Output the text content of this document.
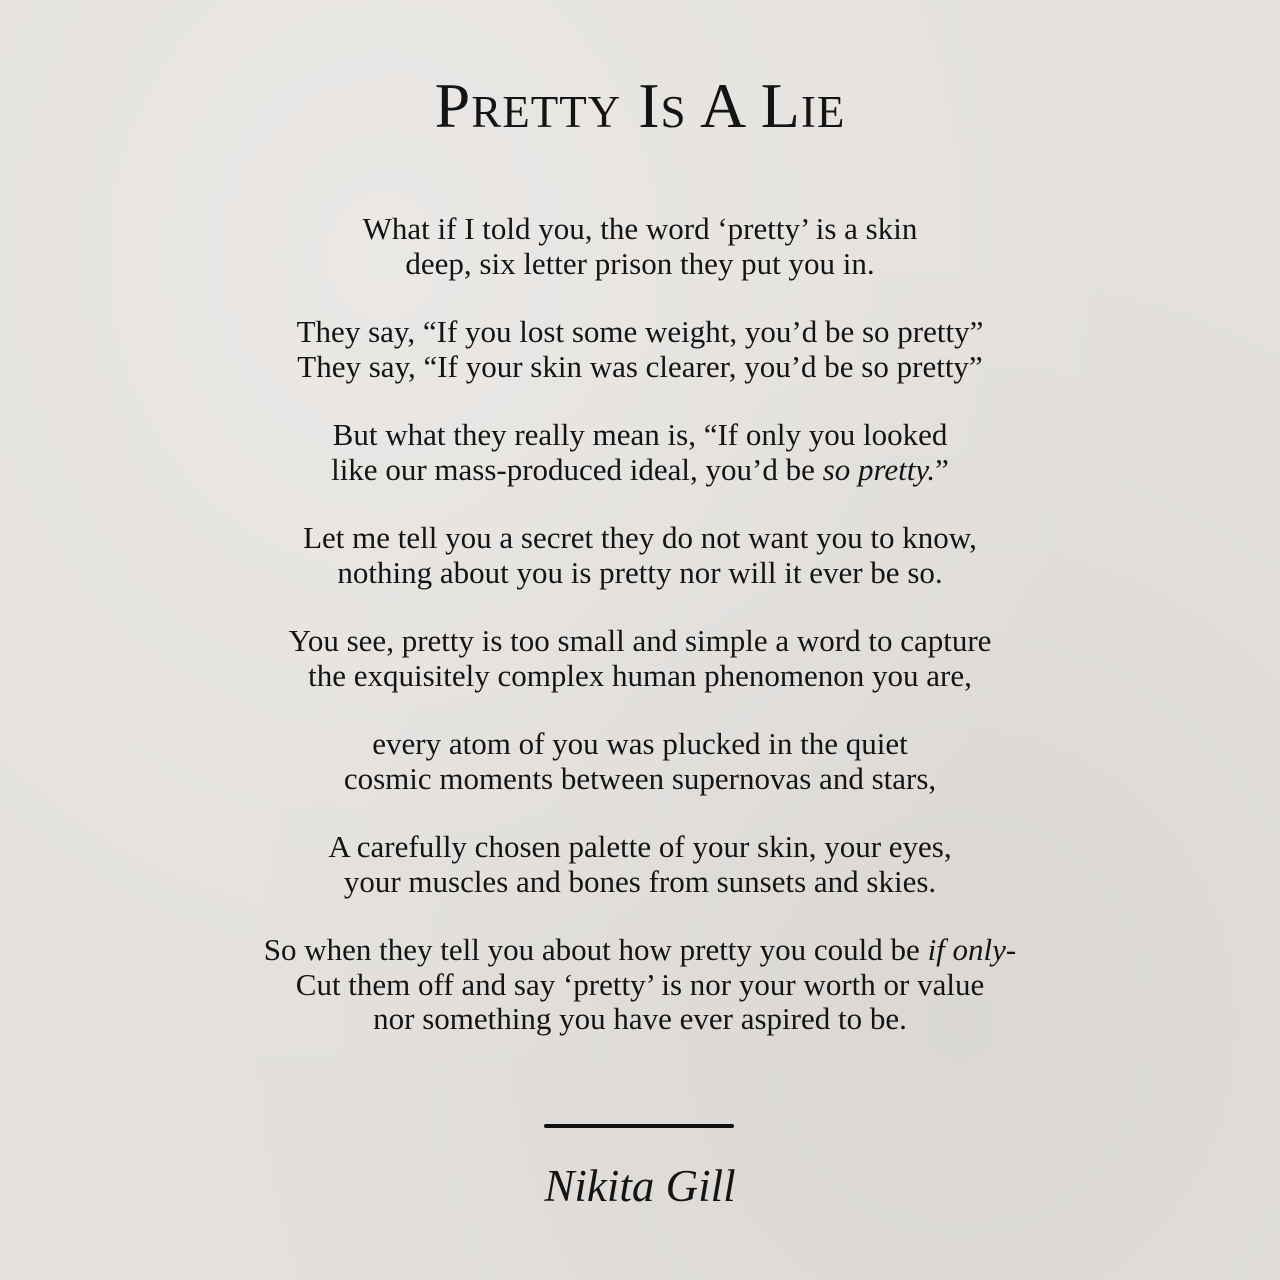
Pretty Is A Lie

What if I told you, the word ‘pretty’ is a skin
deep, six letter prison they put you in.

They say, “If you lost some weight, you’d be so pretty”
They say, “If your skin was clearer, you’d be so pretty”

But what they really mean is, “If only you looked
like our mass-produced ideal, you’d be so pretty.”

Let me tell you a secret they do not want you to know,
nothing about you is pretty nor will it ever be so.

You see, pretty is too small and simple a word to capture
the exquisitely complex human phenomenon you are,

every atom of you was plucked in the quiet
cosmic moments between supernovas and stars,

A carefully chosen palette of your skin, your eyes,
your muscles and bones from sunsets and skies.

So when they tell you about how pretty you could be if only-
Cut them off and say ‘pretty’ is nor your worth or value
nor something you have ever aspired to be.

Nikita Gill
